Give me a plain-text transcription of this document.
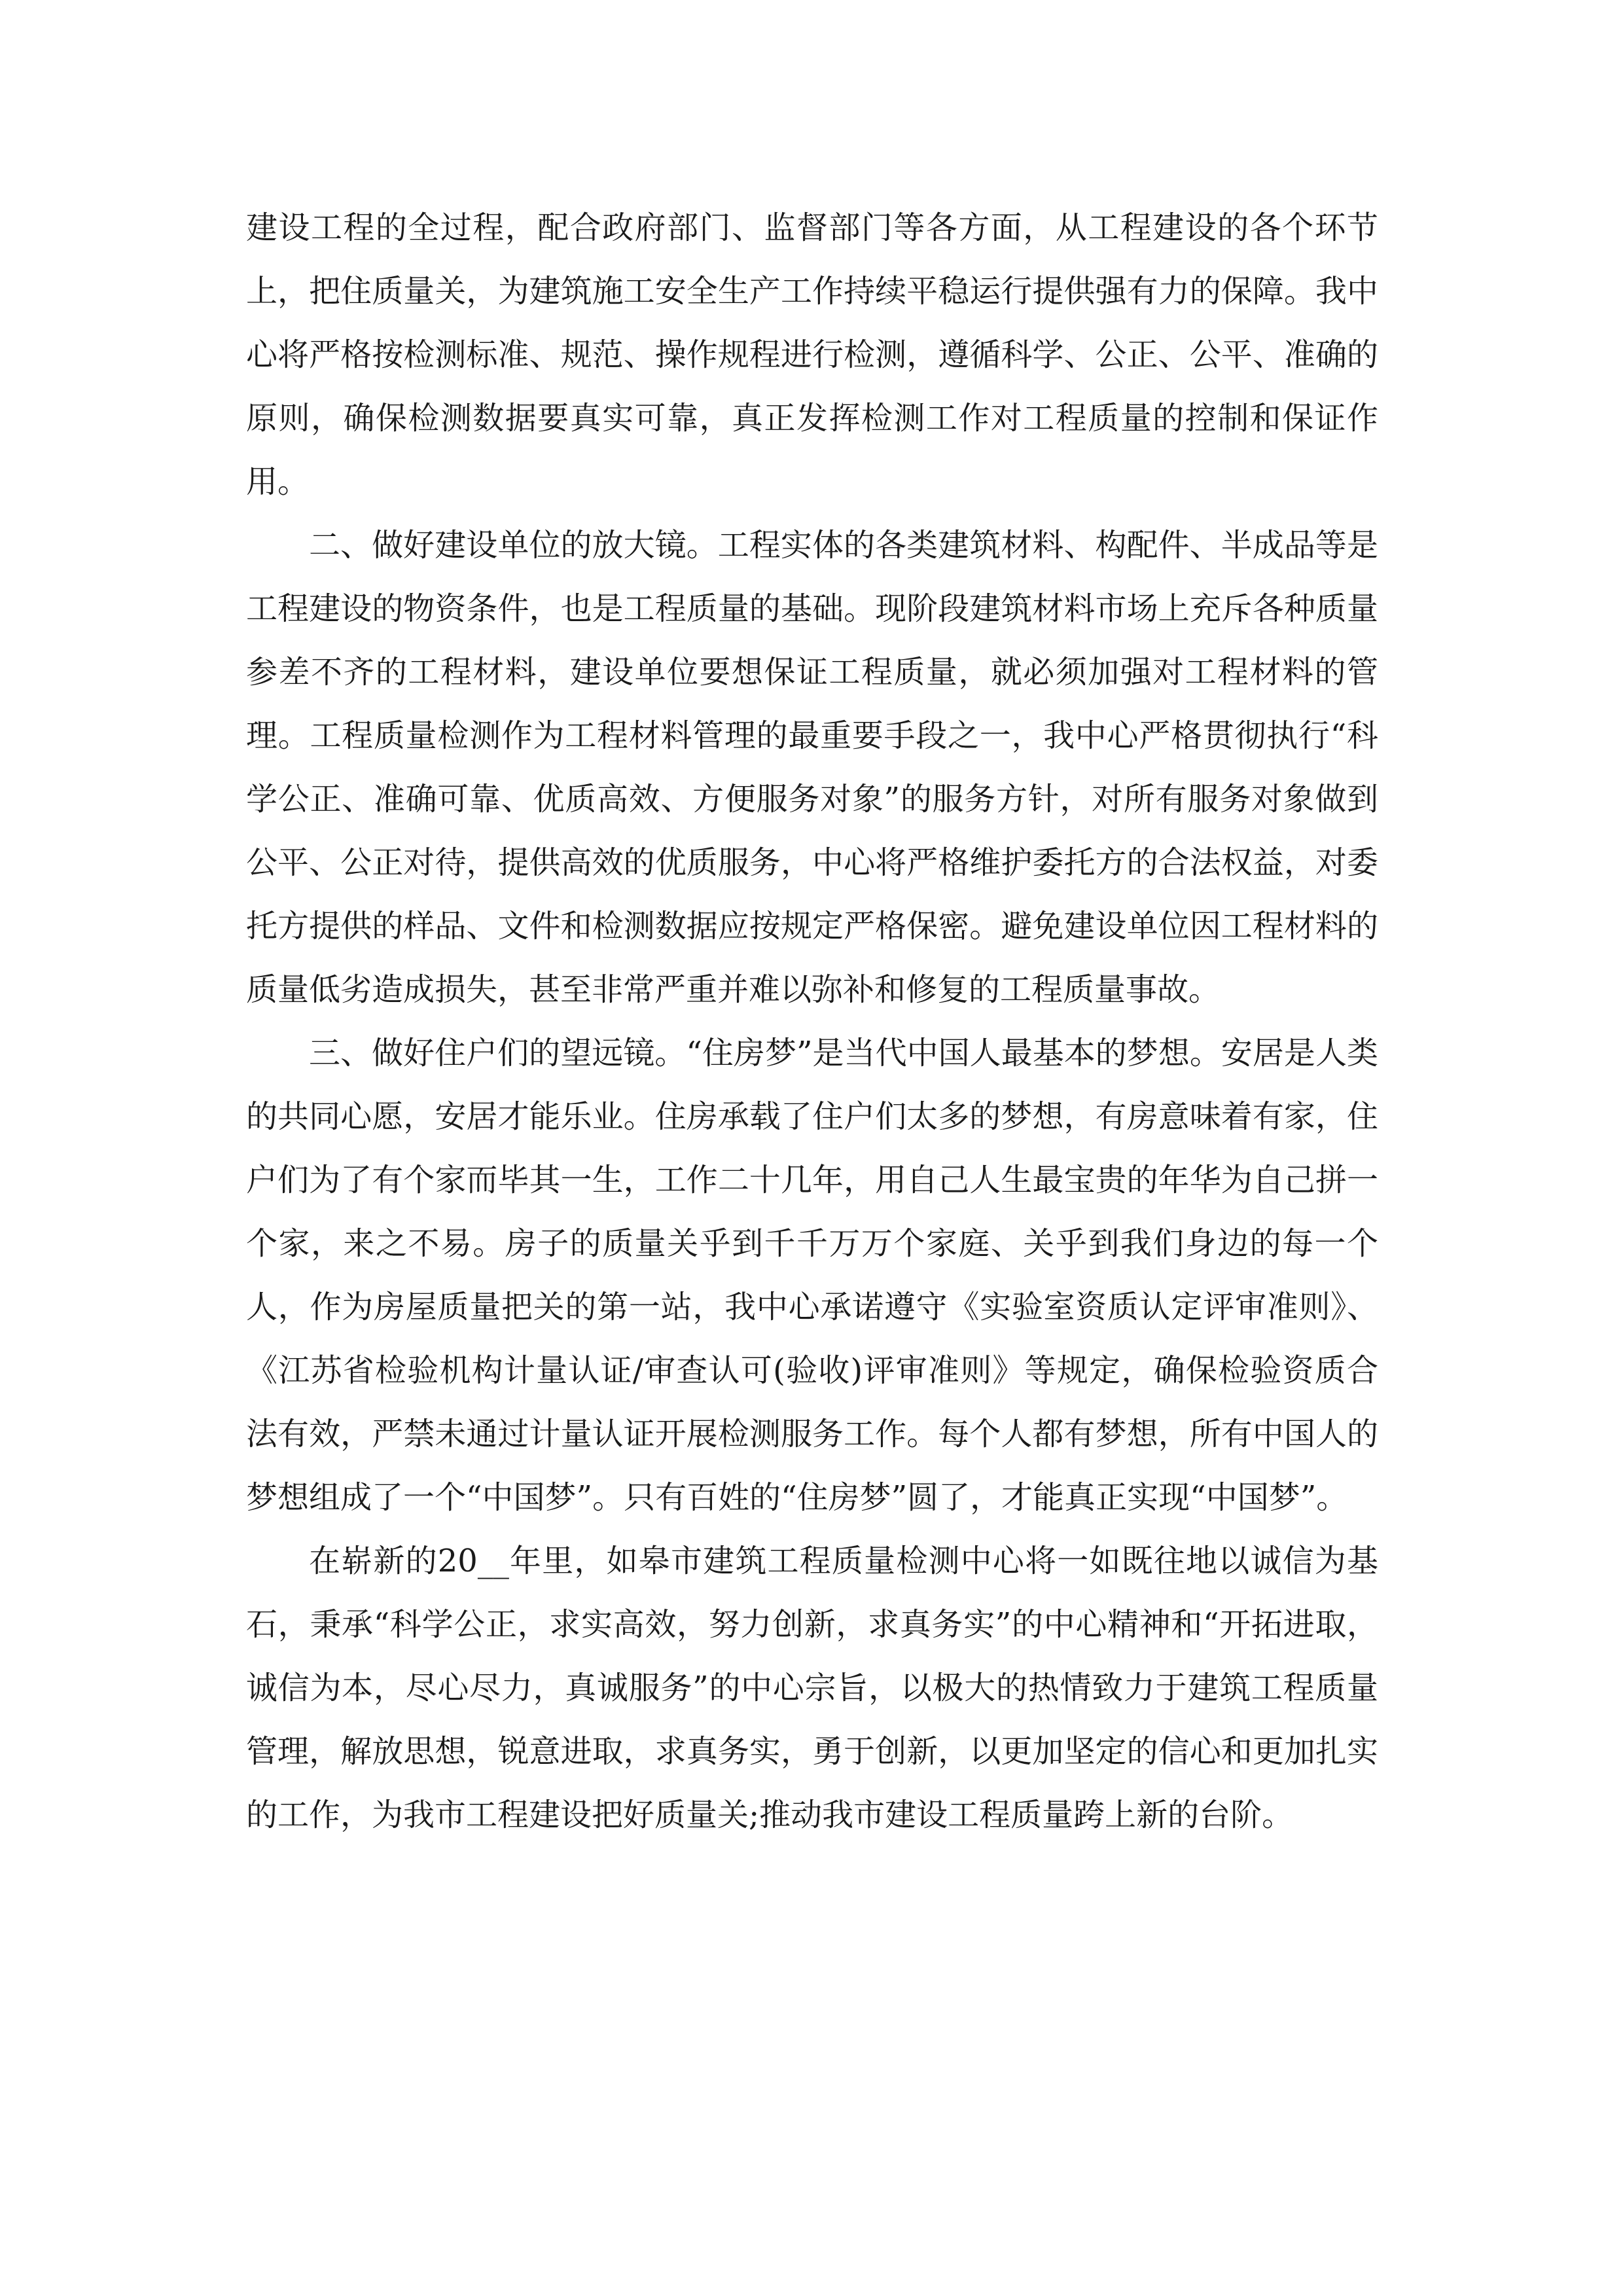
建设工程的全过程，配合政府部门、监督部门等各方面，从工程建设的各个环节上，把住质量关，为建筑施工安全生产工作持续平稳运行提供强有力的保障。我中心将严格按检测标准、规范、操作规程进行检测，遵循科学、公正、公平、准确的原则，确保检测数据要真实可靠，真正发挥检测工作对工程质量的控制和保证作用。

二、做好建设单位的放大镜。工程实体的各类建筑材料、构配件、半成品等是工程建设的物资条件，也是工程质量的基础。现阶段建筑材料市场上充斥各种质量参差不齐的工程材料，建设单位要想保证工程质量，就必须加强对工程材料的管理。工程质量检测作为工程材料管理的最重要手段之一，我中心严格贯彻执行“科学公正、准确可靠、优质高效、方便服务对象”的服务方针，对所有服务对象做到公平、公正对待，提供高效的优质服务，中心将严格维护委托方的合法权益，对委托方提供的样品、文件和检测数据应按规定严格保密。避免建设单位因工程材料的质量低劣造成损失，甚至非常严重并难以弥补和修复的工程质量事故。

三、做好住户们的望远镜。“住房梦”是当代中国人最基本的梦想。安居是人类的共同心愿，安居才能乐业。住房承载了住户们太多的梦想，有房意味着有家，住户们为了有个家而毕其一生，工作二十几年，用自己人生最宝贵的年华为自己拼一个家，来之不易。房子的质量关乎到千千万万个家庭、关乎到我们身边的每一个人，作为房屋质量把关的第一站，我中心承诺遵守《实验室资质认定评审准则》、《江苏省检验机构计量认证/审查认可(验收)评审准则》等规定，确保检验资质合法有效，严禁未通过计量认证开展检测服务工作。每个人都有梦想，所有中国人的梦想组成了一个“中国梦”。只有百姓的“住房梦”圆了，才能真正实现“中国梦”。

在崭新的20__年里，如皋市建筑工程质量检测中心将一如既往地以诚信为基石，秉承“科学公正，求实高效，努力创新，求真务实”的中心精神和“开拓进取，诚信为本，尽心尽力，真诚服务”的中心宗旨，以极大的热情致力于建筑工程质量管理，解放思想，锐意进取，求真务实，勇于创新，以更加坚定的信心和更加扎实的工作，为我市工程建设把好质量关;推动我市建设工程质量跨上新的台阶。
